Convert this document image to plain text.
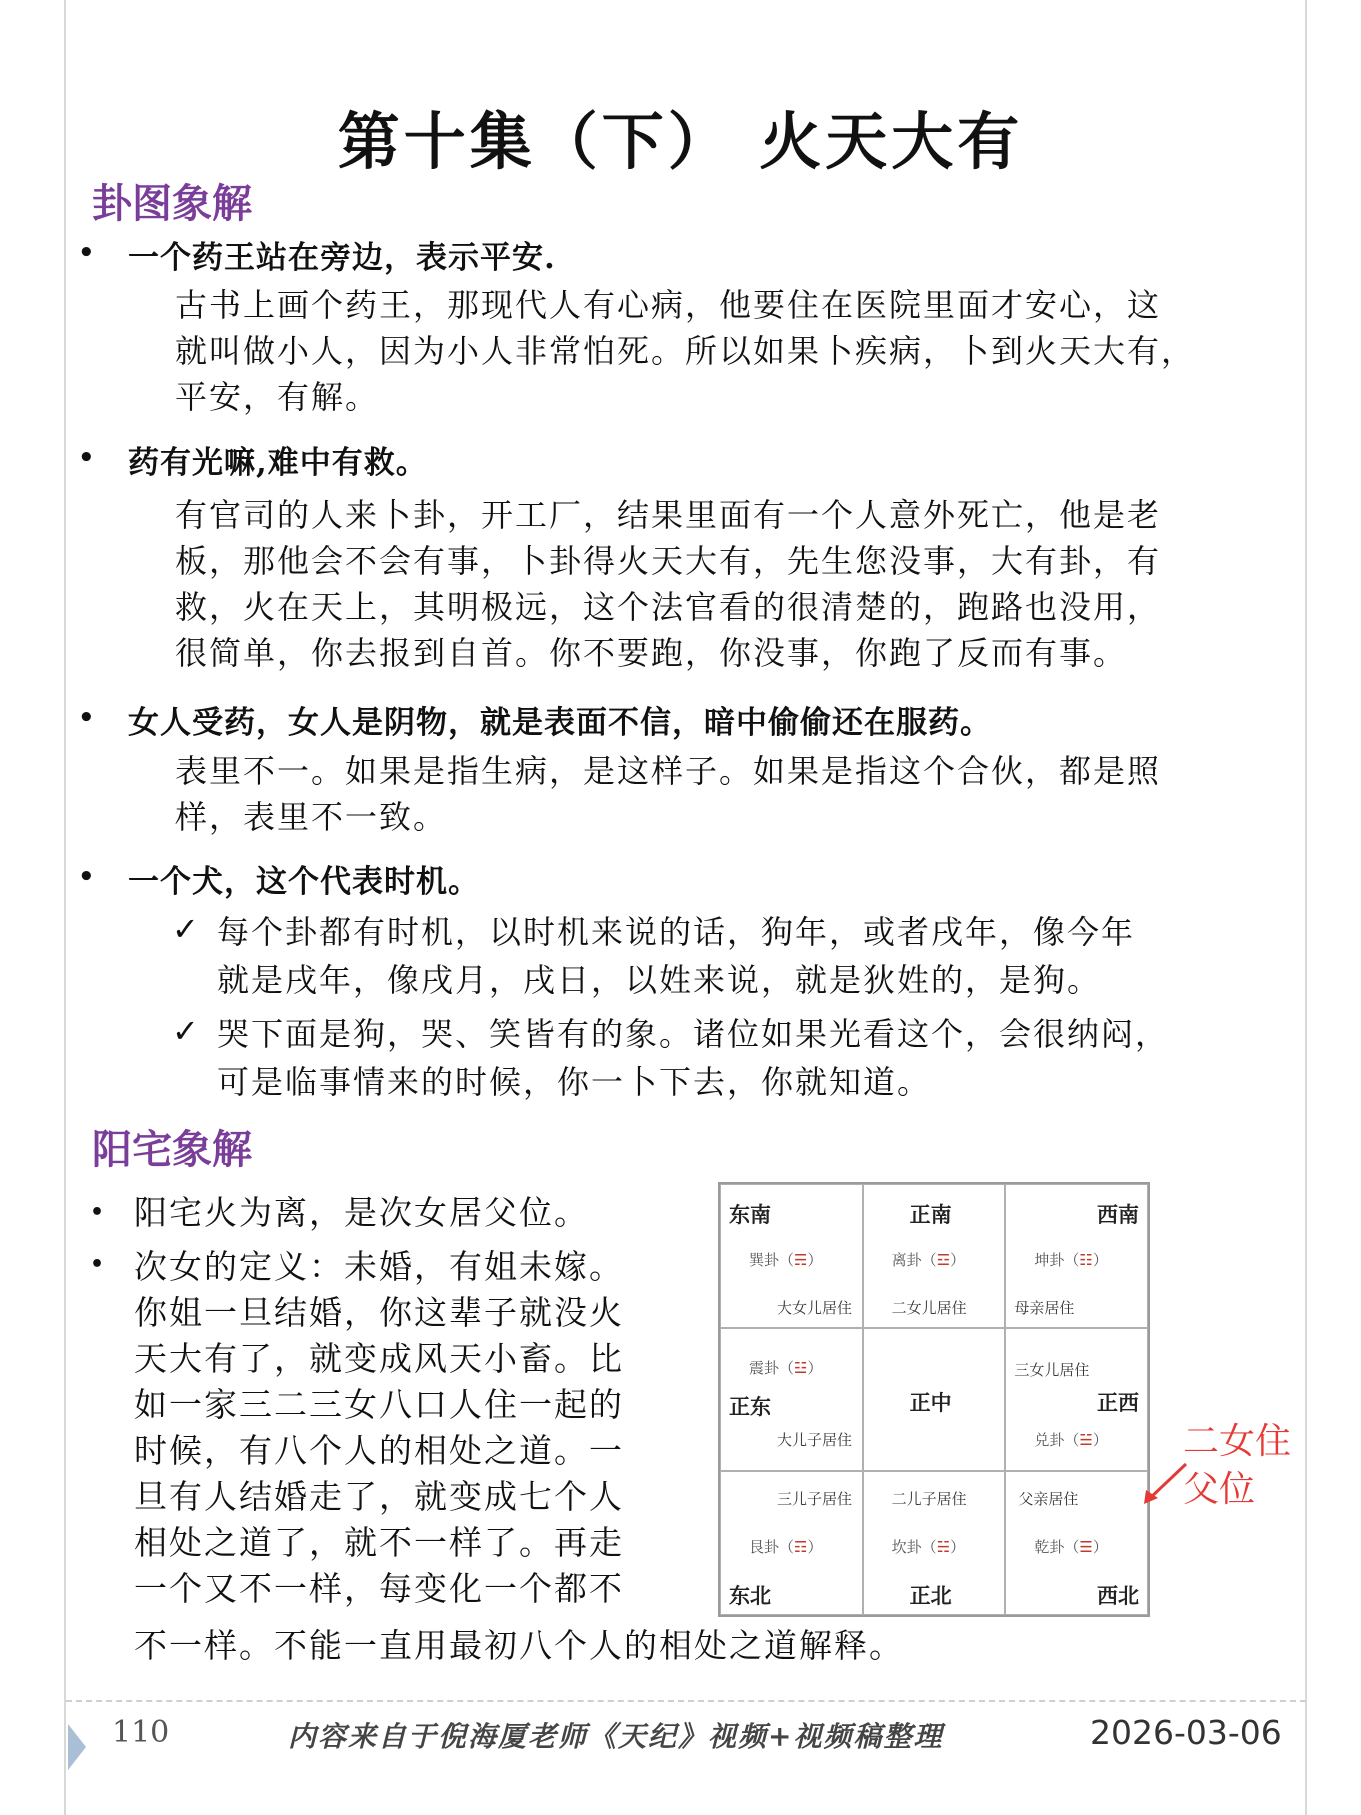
第十集（下） 火天大有
卦图象解
• 一个药王站在旁边，表示平安.
古书上画个药王，那现代人有心病，他要住在医院里面才安心，这
就叫做小人，因为小人非常怕死。所以如果卜疾病，卜到火天大有，
平安，有解。
• 药有光嘛,难中有救。
有官司的人来卜卦，开工厂，结果里面有一个人意外死亡，他是老
板，那他会不会有事，卜卦得火天大有，先生您没事，大有卦，有
救，火在天上，其明极远，这个法官看的很清楚的，跑路也没用，
很简单，你去报到自首。你不要跑，你没事，你跑了反而有事。
• 女人受药，女人是阴物，就是表面不信，暗中偷偷还在服药。
表里不一。如果是指生病，是这样子。如果是指这个合伙，都是照
样，表里不一致。
• 一个犬，这个代表时机。
✓ 每个卦都有时机，以时机来说的话，狗年，或者戌年，像今年
就是戌年，像戌月，戌日，以姓来说，就是狄姓的，是狗。
✓ 哭下面是狗，哭、笑皆有的象。诸位如果光看这个，会很纳闷，
可是临事情来的时候，你一卜下去，你就知道。
阳宅象解
• 阳宅火为离，是次女居父位。
• 次女的定义：未婚，有姐未嫁。
你姐一旦结婚，你这辈子就没火
天大有了，就变成风天小畜。比
如一家三二三女八口人住一起的
时候，有八个人的相处之道。一
旦有人结婚走了，就变成七个人
相处之道了，就不一样了。再走
一个又不一样，每变化一个都不
不一样。不能一直用最初八个人的相处之道解释。
东南
巽卦（☴）
大女儿居住
正南
离卦（☲）
二女儿居住
西南
坤卦（☷）
母亲居住
震卦（☳）
正东
大儿子居住
正中
三女儿居住
正西
兑卦（☱）
三儿子居住
艮卦（☶）
东北
二儿子居住
坎卦（☵）
正北
父亲居住
乾卦（☰）
西北
二女住
父位
110	内容来自于倪海厦老师《天纪》视频+视频稿整理	2026-03-06
